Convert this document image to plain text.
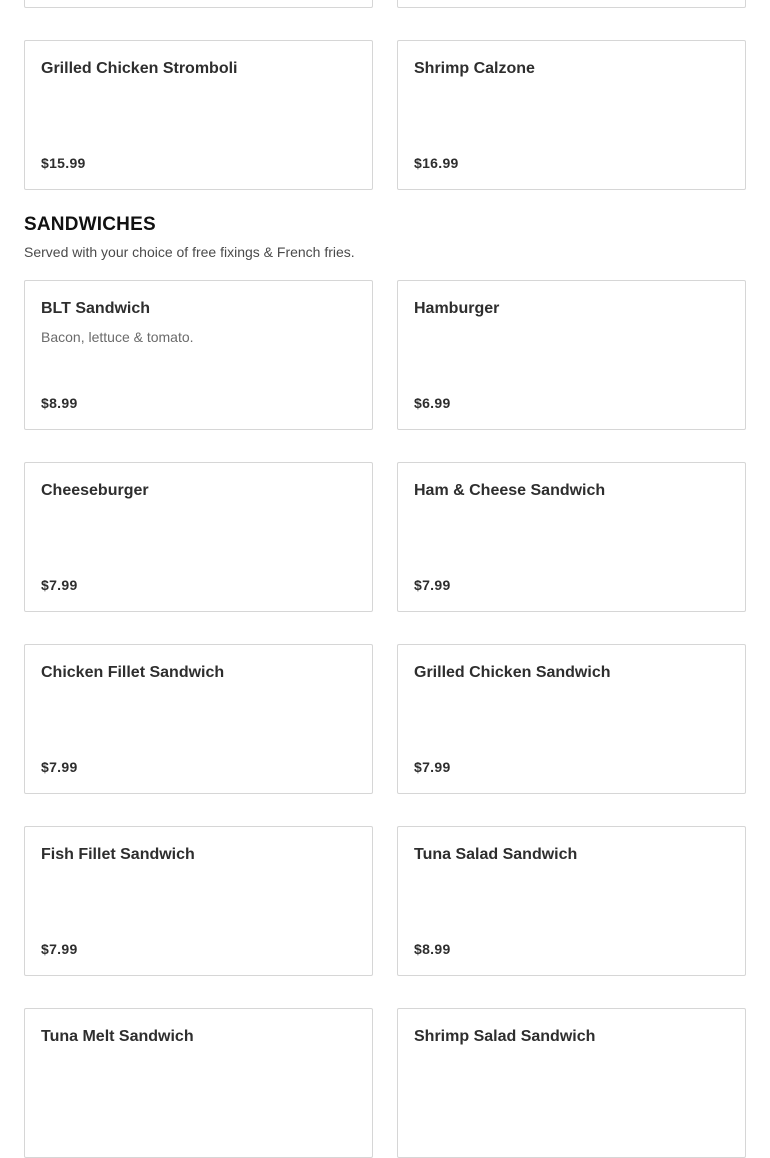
Grilled Chicken Stromboli
$15.99
Shrimp Calzone
$16.99
SANDWICHES

Served with your choice of free fixings & French fries.

BLT Sandwich
Bacon, lettuce & tomato.
$8.99
Hamburger
$6.99
Cheeseburger
$7.99
Ham & Cheese Sandwich
$7.99
Chicken Fillet Sandwich
$7.99
Grilled Chicken Sandwich
$7.99
Fish Fillet Sandwich
$7.99
Tuna Salad Sandwich
$8.99
Tuna Melt Sandwich	Shrimp Salad Sandwich
